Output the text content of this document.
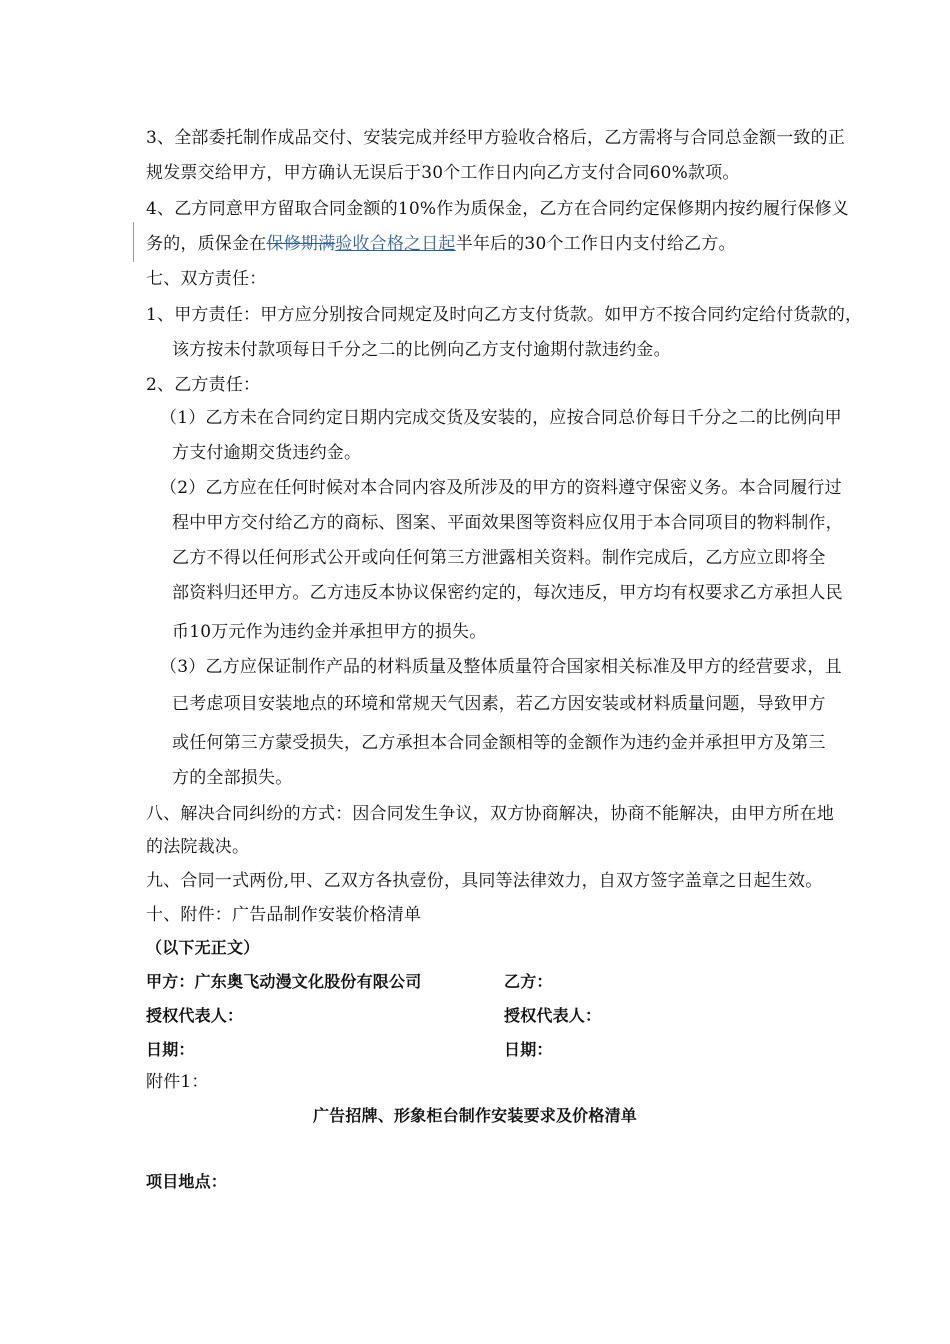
3、全部委托制作成品交付、安装完成并经甲方验收合格后，乙方需将与合同总金额一致的正
规发票交给甲方，甲方确认无误后于30个工作日内向乙方支付合同60%款项。
4、乙方同意甲方留取合同金额的10%作为质保金，乙方在合同约定保修期内按约履行保修义
务的，质保金在保修期满验收合格之日起半年后的30个工作日内支付给乙方。
七、双方责任：
1、甲方责任：甲方应分别按合同规定及时向乙方支付货款。如甲方不按合同约定给付货款的，
该方按未付款项每日千分之二的比例向乙方支付逾期付款违约金。
2、乙方责任：
（1）乙方未在合同约定日期内完成交货及安装的，应按合同总价每日千分之二的比例向甲
方支付逾期交货违约金。
（2）乙方应在任何时候对本合同内容及所涉及的甲方的资料遵守保密义务。本合同履行过
程中甲方交付给乙方的商标、图案、平面效果图等资料应仅用于本合同项目的物料制作，
乙方不得以任何形式公开或向任何第三方泄露相关资料。制作完成后，乙方应立即将全
部资料归还甲方。乙方违反本协议保密约定的，每次违反，甲方均有权要求乙方承担人民
币10万元作为违约金并承担甲方的损失。
（3）乙方应保证制作产品的材料质量及整体质量符合国家相关标准及甲方的经营要求，且
已考虑项目安装地点的环境和常规天气因素，若乙方因安装或材料质量问题，导致甲方
或任何第三方蒙受损失，乙方承担本合同金额相等的金额作为违约金并承担甲方及第三
方的全部损失。
八、解决合同纠纷的方式：因合同发生争议，双方协商解决，协商不能解决，由甲方所在地
的法院裁决。
九、合同一式两份,甲、乙双方各执壹份，具同等法律效力，自双方签字盖章之日起生效。
十、附件：广告品制作安装价格清单
（以下无正文）
甲方：广东奥飞动漫文化股份有限公司	乙方：
授权代表人：	授权代表人：
日期：	日期：
附件1：
广告招牌、形象柜台制作安装要求及价格清单
项目地点：
